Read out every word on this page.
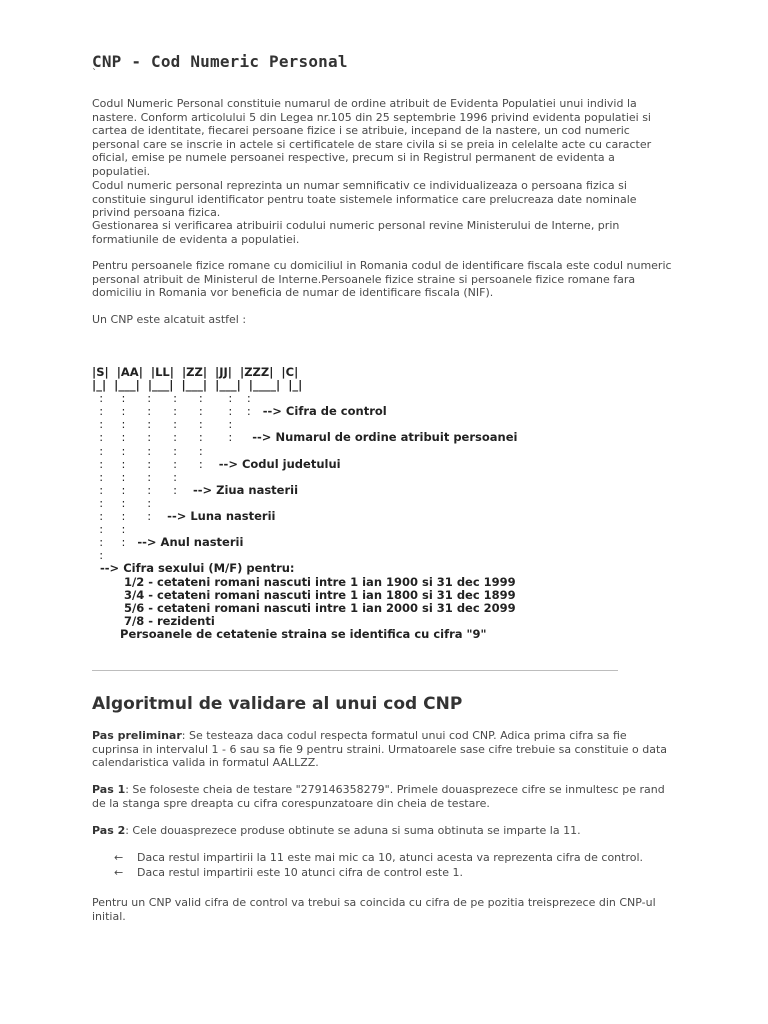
CNP - Cod Numeric Personal
`

Codul Numeric Personal constituie numarul de ordine atribuit de Evidenta Populatiei unui individ la nastere. Conform articolului 5 din Legea nr.105 din 25 septembrie 1996 privind evidenta populatiei si cartea de identitate, fiecarei persoane fizice i se atribuie, incepand de la nastere, un cod numeric personal care se inscrie in actele si certificatele de stare civila si se preia in celelalte acte cu caracter oficial, emise pe numele persoanei respective, precum si in Registrul permanent de evidenta a populatiei.

Codul numeric personal reprezinta un numar semnificativ ce individualizeaza o persoana fizica si constituie singurul identificator pentru toate sistemele informatice care prelucreaza date nominale privind persoana fizica.

Gestionarea si verificarea atribuirii codului numeric personal revine Ministerului de Interne, prin formatiunile de evidenta a populatiei.

Pentru persoanele fizice romane cu domiciliul in Romania codul de identificare fiscala este codul numeric personal atribuit de Ministerul de Interne.Persoanele fizice straine si persoanele fizice romane fara domiciliu in Romania vor beneficia de numar de identificare fiscala (NIF).

Un CNP este alcatuit astfel :

|S|  |AA|  |LL|  |ZZ|  |JJ|  |ZZZ|  |C|
|_|  |___|  |___|  |___|  |___|  |____|  |_|
:     :      :      :      :       :    :
:     :      :      :      :       :    : --> Cifra de control
:     :      :      :      :       :
:     :      :      :      :       : --> Numarul de ordine atribuit persoanei
:     :      :      :      :
:     :      :      :      : --> Codul judetului
:     :      :      :
:     :      :      : --> Ziua nasterii
:     :      :
:     :      : --> Luna nasterii
:     :
:     : --> Anul nasterii
:
--> Cifra sexului (M/F) pentru:
1/2 - cetateni romani nascuti intre 1 ian 1900 si 31 dec 1999
3/4 - cetateni romani nascuti intre 1 ian 1800 si 31 dec 1899
5/6 - cetateni romani nascuti intre 1 ian 2000 si 31 dec 2099
7/8 - rezidenti
Persoanele de cetatenie straina se identifica cu cifra "9"
Algoritmul de validare al unui cod CNP

Pas preliminar: Se testeaza daca codul respecta formatul unui cod CNP. Adica prima cifra sa fie cuprinsa in intervalul 1 - 6 sau sa fie 9 pentru straini. Urmatoarele sase cifre trebuie sa constituie o data calendaristica valida in formatul AALLZZ.

Pas 1: Se foloseste cheia de testare "279146358279". Primele douasprezece cifre se inmultesc pe rand de la stanga spre dreapta cu cifra corespunzatoare din cheia de testare.

Pas 2: Cele douasprezece produse obtinute se aduna si suma obtinuta se imparte la 11.

←	Daca restul impartirii la 11 este mai mic ca 10, atunci acesta va reprezenta cifra de control.
←	Daca restul impartirii este 10 atunci cifra de control este 1.

Pentru un CNP valid cifra de control va trebui sa coincida cu cifra de pe pozitia treisprezece din CNP-ul initial.
